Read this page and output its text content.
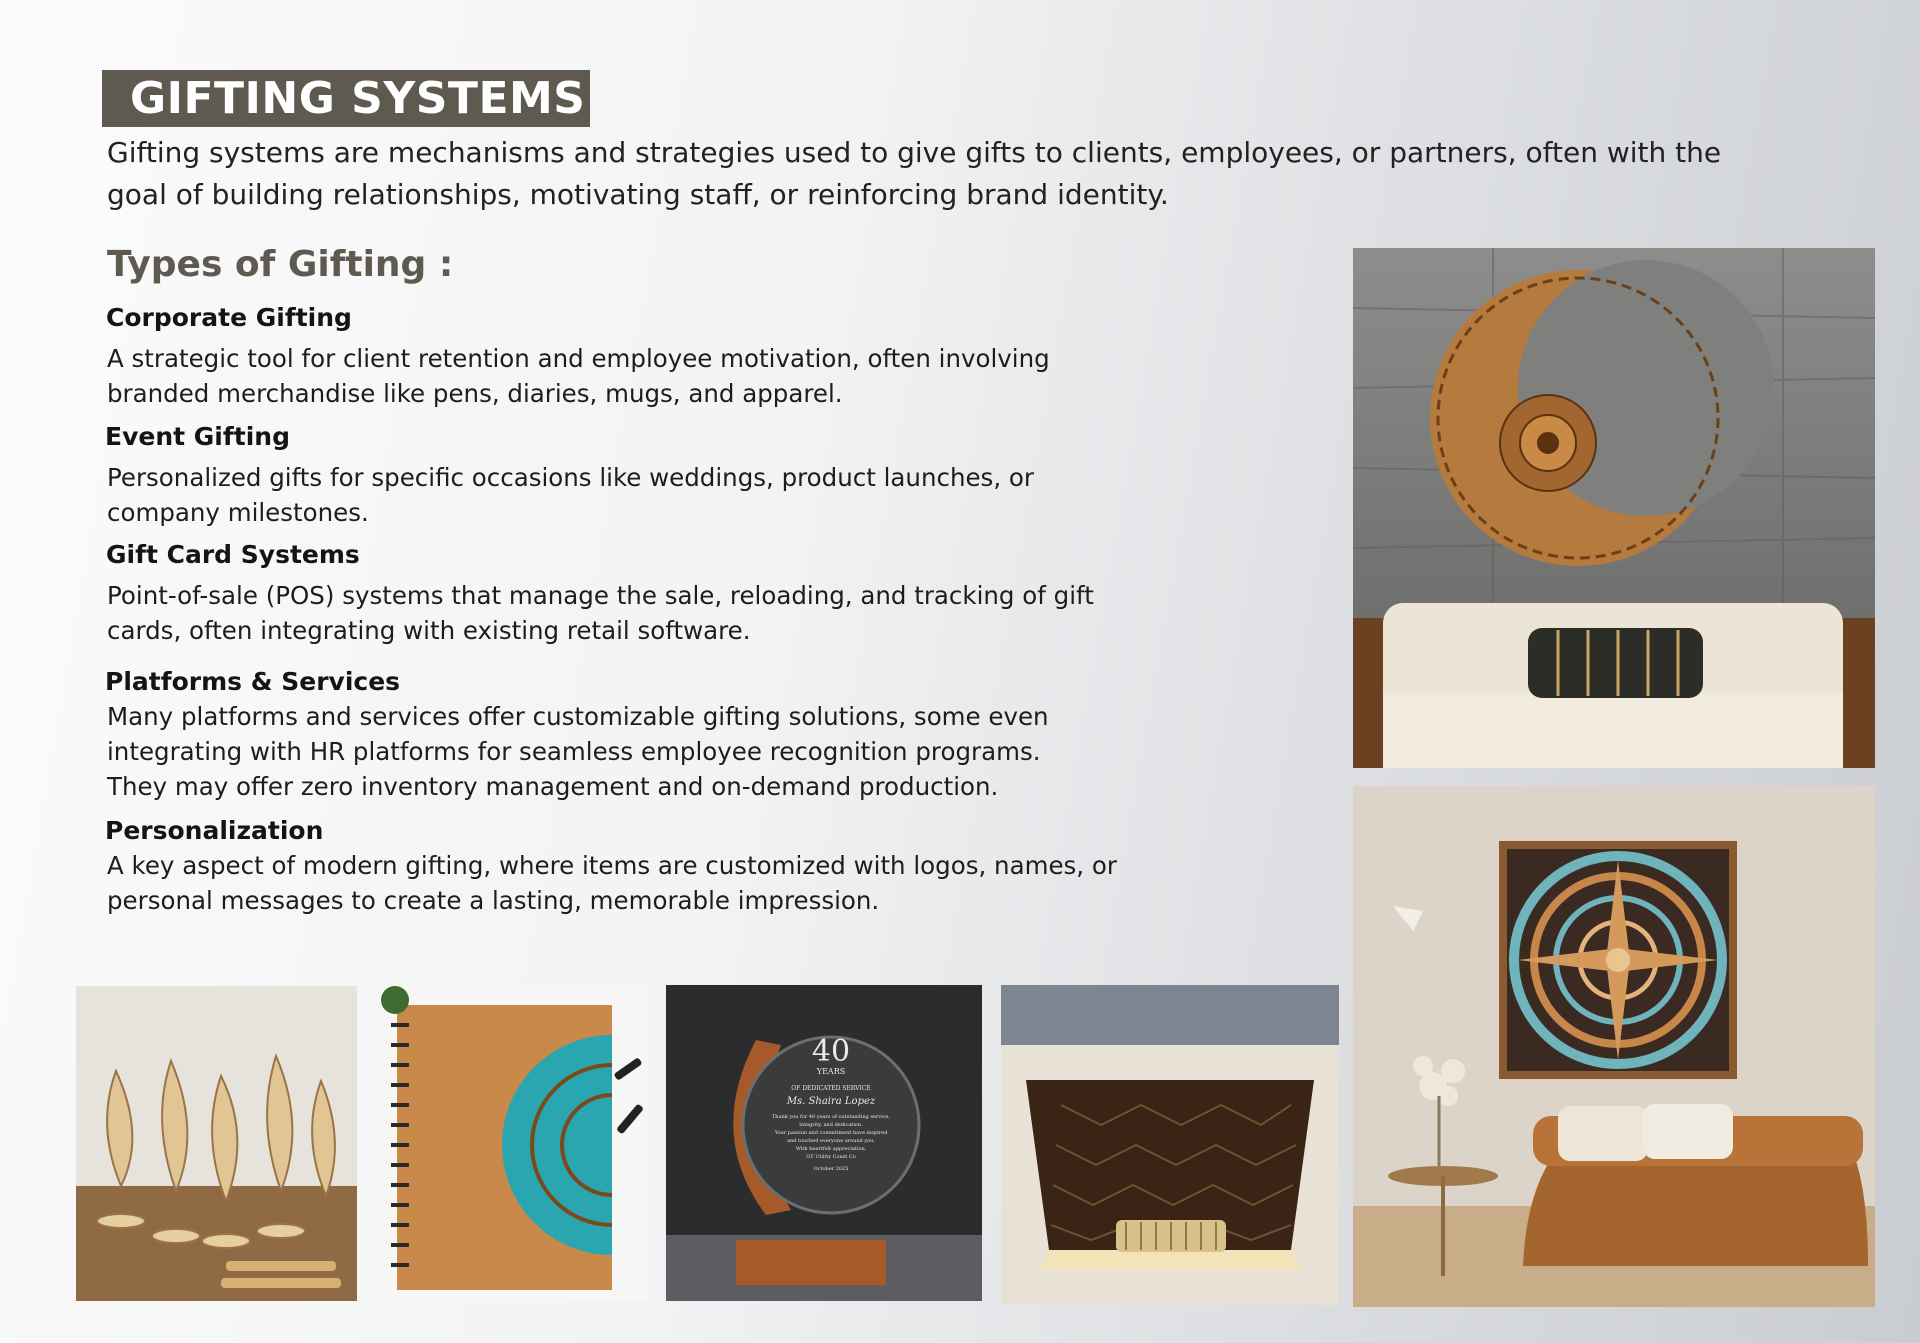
GIFTING SYSTEMS

Gifting systems are mechanisms and strategies used to give gifts to clients, employees, or partners, often with the goal of building relationships, motivating staff, or reinforcing brand identity.

Types of Gifting :
Corporate Gifting

A strategic tool for client retention and employee motivation, often involving
branded merchandise like pens, diaries, mugs, and apparel.

Event Gifting

Personalized gifts for specific occasions like weddings, product launches, or
company milestones.

Gift Card Systems

Point-of-sale (POS) systems that manage the sale, reloading, and tracking of gift
cards, often integrating with existing retail software.

Platforms & Services

Many platforms and services offer customizable gifting solutions, some even
integrating with HR platforms for seamless employee recognition programs.
They may offer zero inventory management and on-demand production.

Personalization

A key aspect of modern gifting, where items are customized with logos, names, or
personal messages to create a lasting, memorable impression.

40
YEARS
OF DEDICATED SERVICE
Ms. Shaira Lopez
Thank you for 40 years of outstanding service,
integrity, and dedication.
Your passion and commitment have inspired
and touched everyone around you.
With heartfelt appreciation,
GT Utility Const Co
October 2025
